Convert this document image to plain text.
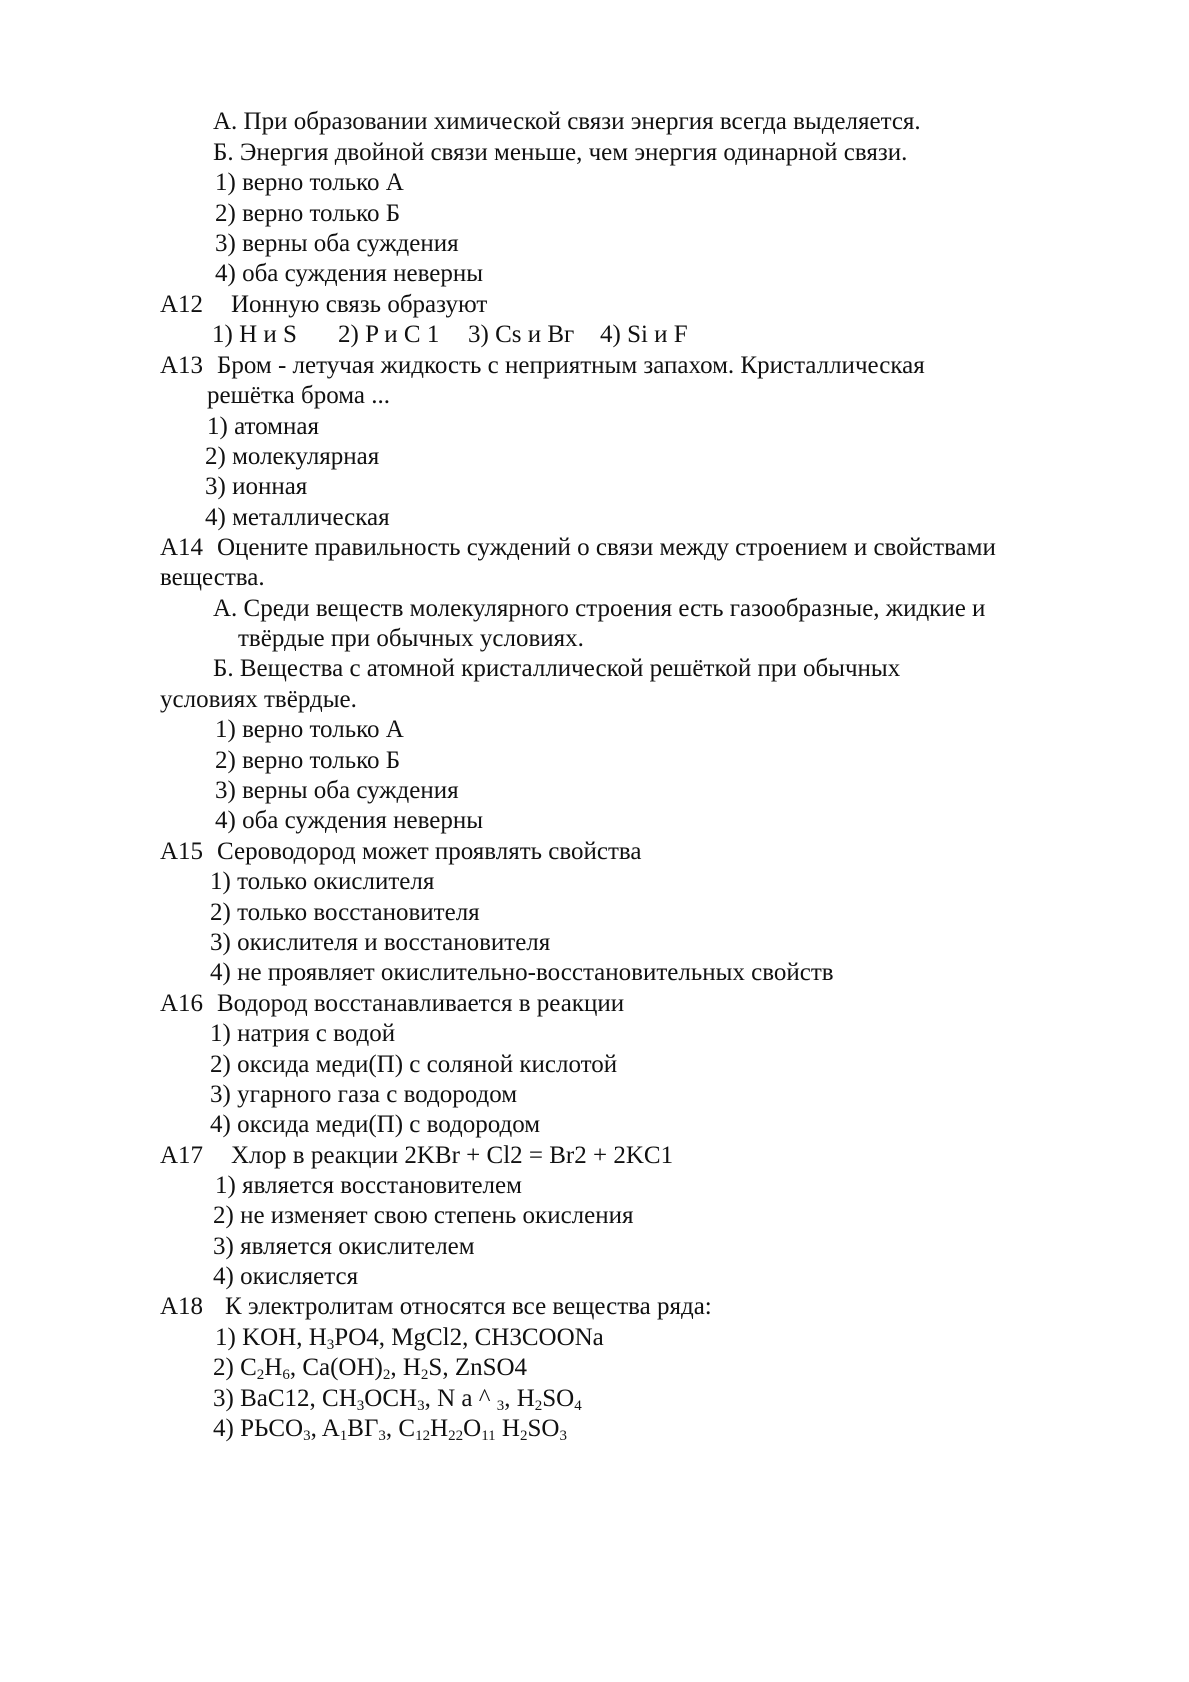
А. При образовании химической связи энергия всегда выделяется.
Б. Энергия двойной связи меньше, чем энергия одинарной связи.
1) верно только А
2) верно только Б
3) верны оба суждения
4) оба суждения неверны
А12 Ионную связь образуют
1) H и S 2) P и C 1 3) Cs и Вг 4) Si и F
А13 Бром - летучая жидкость с неприятным запахом. Кристаллическая
решётка брома ...
1) атомная
2) молекулярная
3) ионная
4) металлическая
А14 Оцените правильность суждений о связи между строением и свойствами
вещества.
А. Среди веществ молекулярного строения есть газообразные, жидкие и
твёрдые при обычных условиях.
Б. Вещества с атомной кристаллической решёткой при обычных
условиях твёрдые.
1) верно только А
2) верно только Б
3) верны оба суждения
4) оба суждения неверны
А15 Сероводород может проявлять свойства
1) только окислителя
2) только восстановителя
3) окислителя и восстановителя
4) не проявляет окислительно-восстановительных свойств
А16 Водород восстанавливается в реакции
1) натрия с водой
2) оксида меди(П) с соляной кислотой
3) угарного газа с водородом
4) оксида меди(П) с водородом
А17 Хлор в реакции 2KBr + Cl2 = Br2 + 2KC1
1) является восстановителем
2) не изменяет свою степень окисления
3) является окислителем
4) окисляется
А18 К электролитам относятся все вещества ряда:
1) KOH, $H_3PO4$, MgCl2, CH3COONa
2) $C_2H_6$, $Ca(OH)_2$, $H_2S$, ZnSO4
3) BaC12, $CH_3OCH_3$, N a ^ $_3$, $H_2SO_4$
4) $РЬCO_3$, $A_1ВГ_3$, $C_{12}H_{22}O_{11}$ $H_2SO_3$
